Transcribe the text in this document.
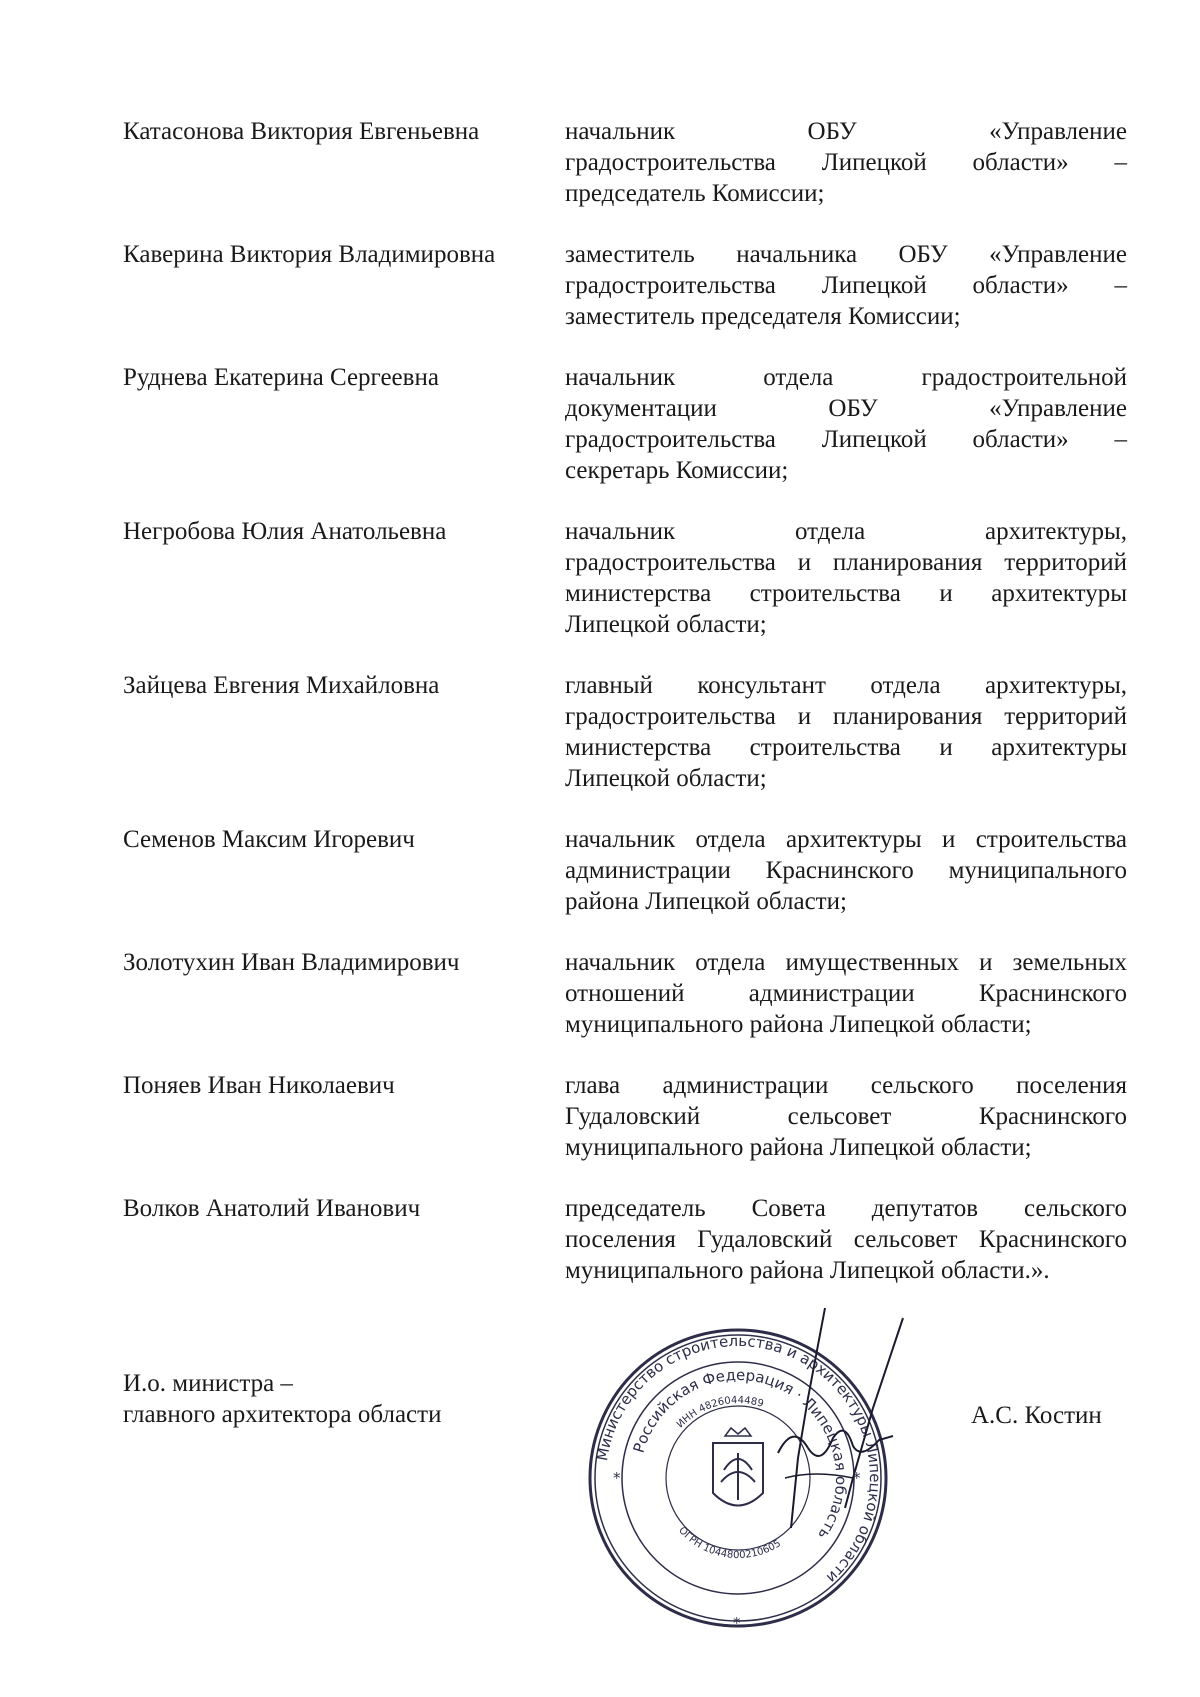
Катасонова Виктория Евгеньевна	начальник ОБУ «Управление
градостроительства Липецкой области» –
председатель Комиссии;
Каверина Виктория Владимировна	заместитель начальника ОБУ «Управление
градостроительства Липецкой области» –
заместитель председателя Комиссии;
Руднева Екатерина Сергеевна	начальник отдела градостроительной
документации ОБУ «Управление
градостроительства Липецкой области» –
секретарь Комиссии;
Негробова Юлия Анатольевна	начальник отдела архитектуры,
градостроительства и планирования территорий
министерства строительства и архитектуры
Липецкой области;
Зайцева Евгения Михайловна	главный консультант отдела архитектуры,
градостроительства и планирования территорий
министерства строительства и архитектуры
Липецкой области;
Семенов Максим Игоревич	начальник отдела архитектуры и строительства
администрации Краснинского муниципального
района Липецкой области;
Золотухин Иван Владимирович	начальник отдела имущественных и земельных
отношений администрации Краснинского
муниципального района Липецкой области;
Поняев Иван Николаевич	глава администрации сельского поселения
Гудаловский сельсовет Краснинского
муниципального района Липецкой области;
Волков Анатолий Иванович	председатель Совета депутатов сельского
поселения Гудаловский сельсовет Краснинского
муниципального района Липецкой области.».
И.о. министра –
главного архитектора области
Министерство строительства и архитектуры Липецкой области
Российская Федерация · Липецкая область
ИНН 4826044489
ОГРН 1044800210605
*	*
*
А.С. Костин
